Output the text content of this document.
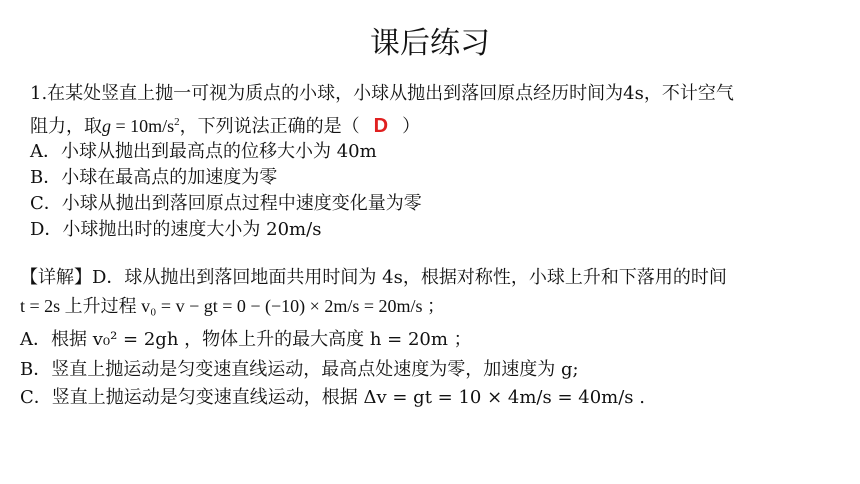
课后练习
1.在某处竖直上抛一可视为质点的小球，小球从抛出到落回原点经历时间为4s，不计空气
阻力，取$g = 10m/s^2$，下列说法正确的是（ D ）
A．小球从抛出到最高点的位移大小为 40m
B．小球在最高点的加速度为零
C．小球从抛出到落回原点过程中速度变化量为零
D．小球抛出时的速度大小为 20m/s
【详解】D．球从抛出到落回地面共用时间为 4s，根据对称性，小球上升和下落用的时间
t = 2s 上升过程 v₀ = v − gt = 0 − (−10) × 2m/s = 20m/s ；
A．根据 v₀² = 2gh ，物体上升的最大高度 h = 20m ；
B．竖直上抛运动是匀变速直线运动，最高点处速度为零，加速度为 g;
C．竖直上抛运动是匀变速直线运动，根据 Δv = gt = 10 × 4m/s = 40m/s .
